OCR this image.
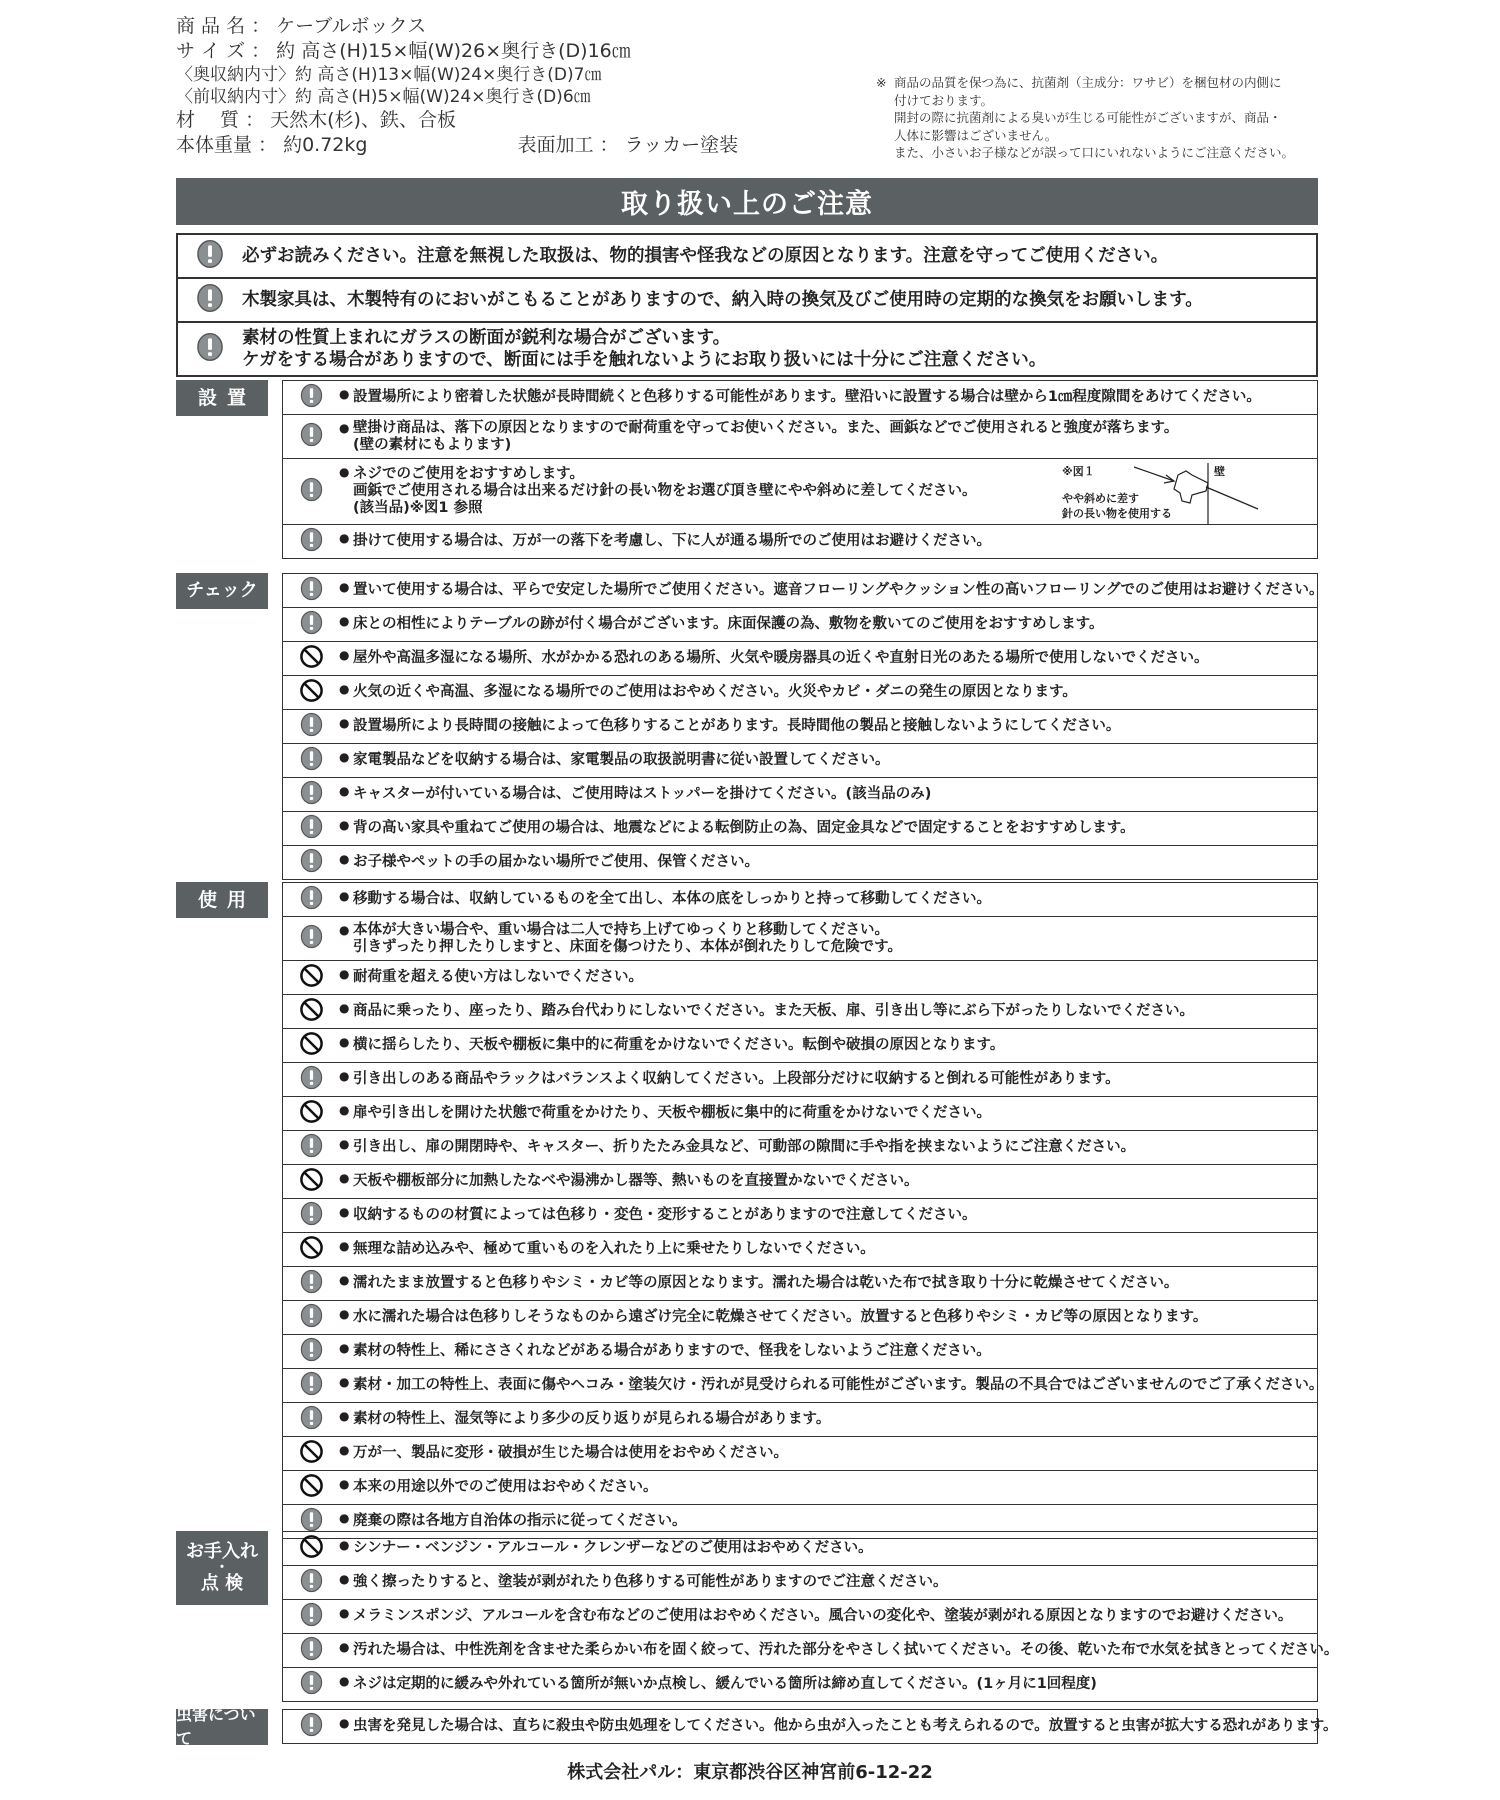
商 品 名 ： ケーブルボックス
サ イ ズ ： 約 高さ(H)15×幅(W)26×奥行き(D)16㎝
〈奥収納内寸〉約 高さ(H)13×幅(W)24×奥行き(D)7㎝
〈前収納内寸〉約 高さ(H)5×幅(W)24×奥行き(D)6㎝
材　 質 ： 天然木(杉)、鉄、合板
本体重量 ： 約0.72kg	表面加工 ： ラッカー塗装
※ 商品の品質を保つ為に、抗菌剤（主成分：ワサビ）を梱包材の内側に
付けております。
開封の際に抗菌剤による臭いが生じる可能性がございますが、商品・
人体に影響はございません。
また、小さいお子様などが誤って口にいれないようにご注意ください。
取り扱い上のご注意
必ずお読みください。注意を無視した取扱は、物的損害や怪我などの原因となります。注意を守ってご使用ください。
木製家具は、木製特有のにおいがこもることがありますので、納入時の換気及びご使用時の定期的な換気をお願いします。
素材の性質上まれにガラスの断面が鋭利な場合がございます。
ケガをする場合がありますので、断面には手を触れないようにお取り扱いには十分にご注意ください。
設置	● 設置場所により密着した状態が長時間続くと色移りする可能性があります。壁沿いに設置する場合は壁から1㎝程度隙間をあけてください。
● 壁掛け商品は、落下の原因となりますので耐荷重を守ってお使いください。また、画鋲などでご使用されると強度が落ちます。
(壁の素材にもよります)
● ネジでのご使用をおすすめします。
画鋲でご使用される場合は出来るだけ針の長い物をお選び頂き壁にやや斜めに差してください。
(該当品)※図1 参照
※図１
やや斜めに差す
針の長い物を使用する
壁
● 掛けて使用する場合は、万が一の落下を考慮し、下に人が通る場所でのご使用はお避けください。
チェック	● 置いて使用する場合は、平らで安定した場所でご使用ください。遮音フローリングやクッション性の高いフローリングでのご使用はお避けください。
● 床との相性によりテーブルの跡が付く場合がございます。床面保護の為、敷物を敷いてのご使用をおすすめします。
● 屋外や高温多湿になる場所、水がかかる恐れのある場所、火気や暖房器具の近くや直射日光のあたる場所で使用しないでください。
● 火気の近くや高温、多湿になる場所でのご使用はおやめください。火災やカビ・ダニの発生の原因となります。
● 設置場所により長時間の接触によって色移りすることがあります。長時間他の製品と接触しないようにしてください。
● 家電製品などを収納する場合は、家電製品の取扱説明書に従い設置してください。
● キャスターが付いている場合は、ご使用時はストッパーを掛けてください。(該当品のみ)
● 背の高い家具や重ねてご使用の場合は、地震などによる転倒防止の為、固定金具などで固定することをおすすめします。
● お子様やペットの手の届かない場所でご使用、保管ください。
使用	● 移動する場合は、収納しているものを全て出し、本体の底をしっかりと持って移動してください。
● 本体が大きい場合や、重い場合は二人で持ち上げてゆっくりと移動してください。
引きずったり押したりしますと、床面を傷つけたり、本体が倒れたりして危険です。
● 耐荷重を超える使い方はしないでください。
● 商品に乗ったり、座ったり、踏み台代わりにしないでください。また天板、扉、引き出し等にぶら下がったりしないでください。
● 横に揺らしたり、天板や棚板に集中的に荷重をかけないでください。転倒や破損の原因となります。
● 引き出しのある商品やラックはバランスよく収納してください。上段部分だけに収納すると倒れる可能性があります。
● 扉や引き出しを開けた状態で荷重をかけたり、天板や棚板に集中的に荷重をかけないでください。
● 引き出し、扉の開閉時や、キャスター、折りたたみ金具など、可動部の隙間に手や指を挟まないようにご注意ください。
● 天板や棚板部分に加熱したなべや湯沸かし器等、熱いものを直接置かないでください。
● 収納するものの材質によっては色移り・変色・変形することがありますので注意してください。
● 無理な詰め込みや、極めて重いものを入れたり上に乗せたりしないでください。
● 濡れたまま放置すると色移りやシミ・カビ等の原因となります。濡れた場合は乾いた布で拭き取り十分に乾燥させてください。
● 水に濡れた場合は色移りしそうなものから遠ざけ完全に乾燥させてください。放置すると色移りやシミ・カビ等の原因となります。
● 素材の特性上、稀にささくれなどがある場合がありますので、怪我をしないようご注意ください。
● 素材・加工の特性上、表面に傷やヘコみ・塗装欠け・汚れが見受けられる可能性がございます。製品の不具合ではございませんのでご了承ください。
● 素材の特性上、湿気等により多少の反り返りが見られる場合があります。
● 万が一、製品に変形・破損が生じた場合は使用をおやめください。
● 本来の用途以外でのご使用はおやめください。
● 廃棄の際は各地方自治体の指示に従ってください。
お手入れ
・
点 検
● シンナー・ベンジン・アルコール・クレンザーなどのご使用はおやめください。
● 強く擦ったりすると、塗装が剥がれたり色移りする可能性がありますのでご注意ください。
● メラミンスポンジ、アルコールを含む布などのご使用はおやめください。風合いの変化や、塗装が剥がれる原因となりますのでお避けください。
● 汚れた場合は、中性洗剤を含ませた柔らかい布を固く絞って、汚れた部分をやさしく拭いてください。その後、乾いた布で水気を拭きとってください。
● ネジは定期的に緩みや外れている箇所が無いか点検し、緩んでいる箇所は締め直してください。(1ヶ月に1回程度)
虫害について
● 虫害を発見した場合は、直ちに殺虫や防虫処理をしてください。他から虫が入ったことも考えられるので。放置すると虫害が拡大する恐れがあります。
株式会社パル：東京都渋谷区神宮前6-12-22
